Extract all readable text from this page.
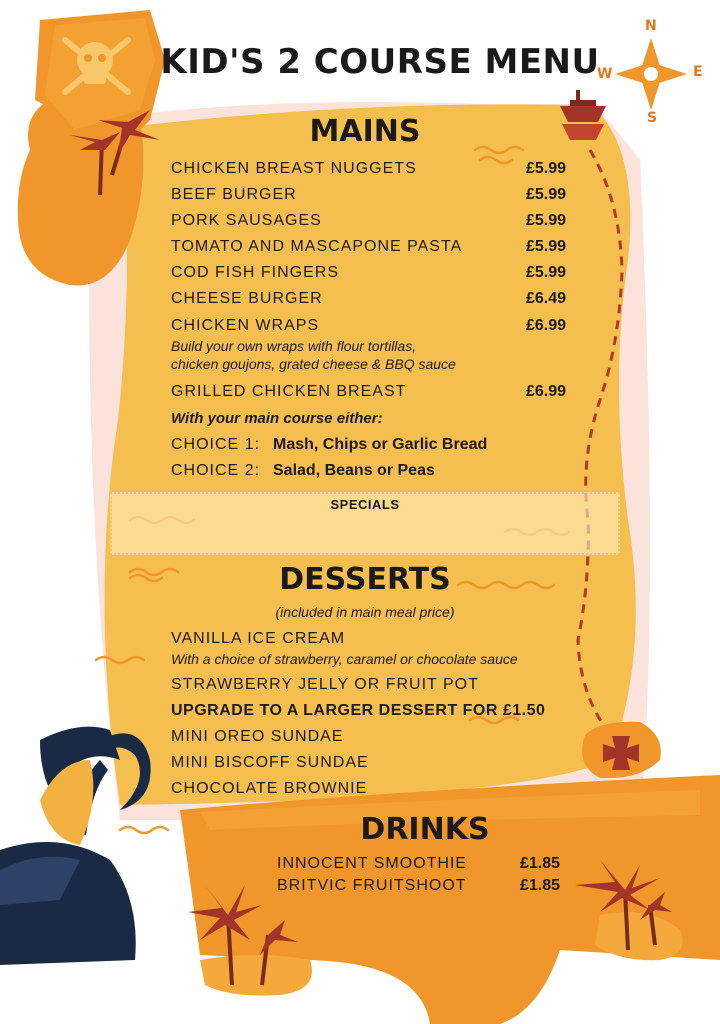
KID'S 2 COURSE MENU
N
S
E
W
MAINS
CHICKEN BREAST NUGGETS	£5.99
BEEF BURGER	£5.99
PORK SAUSAGES	£5.99
TOMATO AND MASCAPONE PASTA	£5.99
COD FISH FINGERS	£5.99
CHEESE BURGER	£6.49
CHICKEN WRAPS	£6.99
Build your own wraps with flour tortillas,
chicken goujons, grated cheese & BBQ sauce
GRILLED CHICKEN BREAST	£6.99
With your main course either:
CHOICE 1: Mash, Chips or Garlic Bread
CHOICE 2: Salad, Beans or Peas
SPECIALS
DESSERTS
(included in main meal price)
VANILLA ICE CREAM
With a choice of strawberry, caramel or chocolate sauce
STRAWBERRY JELLY OR FRUIT POT
UPGRADE TO A LARGER DESSERT FOR £1.50
MINI OREO SUNDAE
MINI BISCOFF SUNDAE
CHOCOLATE BROWNIE
DRINKS
INNOCENT SMOOTHIE	£1.85
BRITVIC FRUITSHOOT	£1.85
